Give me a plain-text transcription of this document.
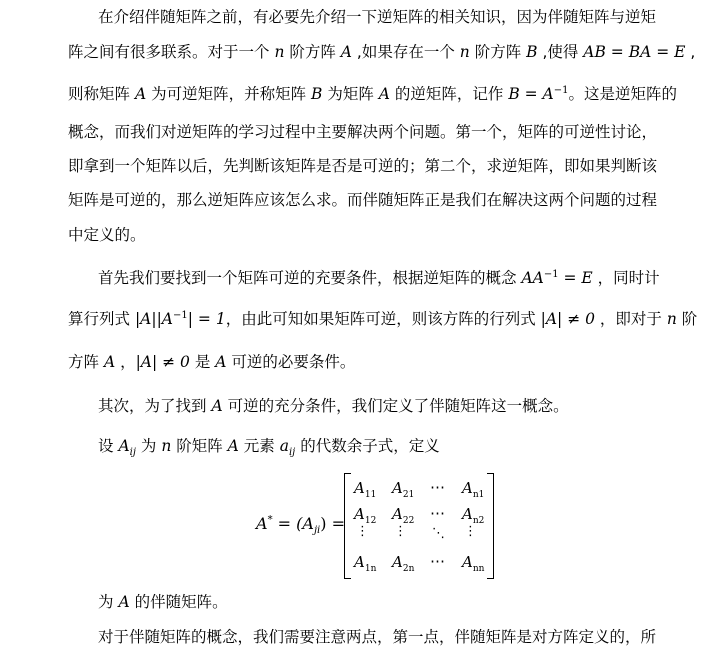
在介绍伴随矩阵之前，有必要先介绍一下逆矩阵的相关知识，因为伴随矩阵与逆矩
阵之间有很多联系。对于一个 n 阶方阵 A ,如果存在一个 n 阶方阵 B ,使得 AB = BA = E ,
则称矩阵 A 为可逆矩阵，并称矩阵 B 为矩阵 A 的逆矩阵，记作 $B = A^{-1}$。这是逆矩阵的
概念，而我们对逆矩阵的学习过程中主要解决两个问题。第一个，矩阵的可逆性讨论，
即拿到一个矩阵以后，先判断该矩阵是否是可逆的；第二个，求逆矩阵，即如果判断该
矩阵是可逆的，那么逆矩阵应该怎么求。而伴随矩阵正是我们在解决这两个问题的过程
中定义的。
首先我们要找到一个矩阵可逆的充要条件，根据逆矩阵的概念 $AA^{-1} = E$ ，同时计
算行列式 $|A||A^{-1}| = 1$，由此可知如果矩阵可逆，则该方阵的行列式 |A| ≠ 0 ，即对于 n 阶
方阵 A ，|A| ≠ 0 是 A 可逆的必要条件。
其次，为了找到 A 可逆的充分条件，我们定义了伴随矩阵这一概念。
设 $A_{ij}$ 为 n 阶矩阵 A 元素 $a_{ij}$ 的代数余子式，定义
$A^* = (A_{ji})$ =
$A_{11}$ $A_{21}$ ⋯ $A_{n1}$
$A_{12}$ $A_{22}$ ⋯ $A_{n2}$
⋮ ⋮ ⋱ ⋮
$A_{1n}$ $A_{2n}$ ⋯ $A_{nn}$
为 A 的伴随矩阵。
对于伴随矩阵的概念，我们需要注意两点，第一点，伴随矩阵是对方阵定义的，所
